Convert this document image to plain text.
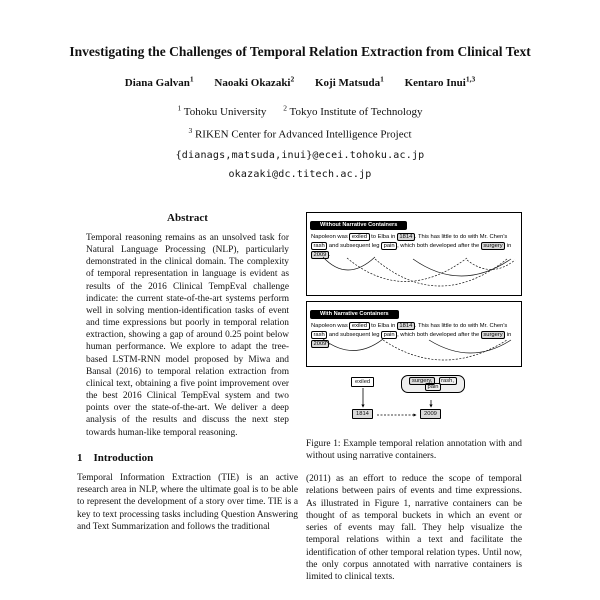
Investigating the Challenges of Temporal Relation Extraction from Clinical Text
Diana Galvan$^1$ Naoaki Okazaki$^2$ Koji Matsuda$^1$ Kentaro Inui$^{1,3}$
$^1$ Tohoku University $^2$ Tokyo Institute of Technology
$^3$ RIKEN Center for Advanced Intelligence Project
{dianags,matsuda,inui}@ecei.tohoku.ac.jp
okazaki@dc.titech.ac.jp
Abstract
Temporal reasoning remains as an unsolved task for Natural Language Processing (NLP), particularly demonstrated in the clinical domain. The complexity of temporal representation in language is evident as results of the 2016 Clinical TempEval challenge indicate: the current state-of-the-art systems perform well in solving mention-identification tasks of event and time expressions but poorly in temporal relation extraction, showing a gap of around 0.25 point below human performance. We explore to adapt the tree-based LSTM-RNN model proposed by Miwa and Bansal (2016) to temporal relation extraction from clinical text, obtaining a five point improvement over the best 2016 Clinical TempEval system and two points over the state-of-the-art. We deliver a deep analysis of the results and discuss the next step towards human-like temporal reasoning.
1 Introduction
Temporal Information Extraction (TIE) is an active research area in NLP, where the ultimate goal is to be able to represent the development of a story over time. TIE is a key to text processing tasks including Question Answering and Text Summarization and follows the traditional
Without Narrative Containers
Napoleon was exiled to Elba in 1814 . This has little to do with Mr. Chen's rash and subsequent leg pain , which both developed after the surgery in 2009 .
With Narrative Containers
Napoleon was exiled to Elba in 1814 . This has little to do with Mr. Chen's rash and subsequent leg pain , which both developed after the surgery in 2009 .
exiled
1814
surgery, rash, pain
2009
Figure 1: Example temporal relation annotation with and without using narrative containers.
(2011) as an effort to reduce the scope of temporal relations between pairs of events and time expressions. As illustrated in Figure 1, narrative containers can be thought of as temporal buckets in which an event or series of events may fall. They help visualize the temporal relations within a text and facilitate the identification of other temporal relation types. Until now, the only corpus annotated with narrative containers is limited to clinical texts.
